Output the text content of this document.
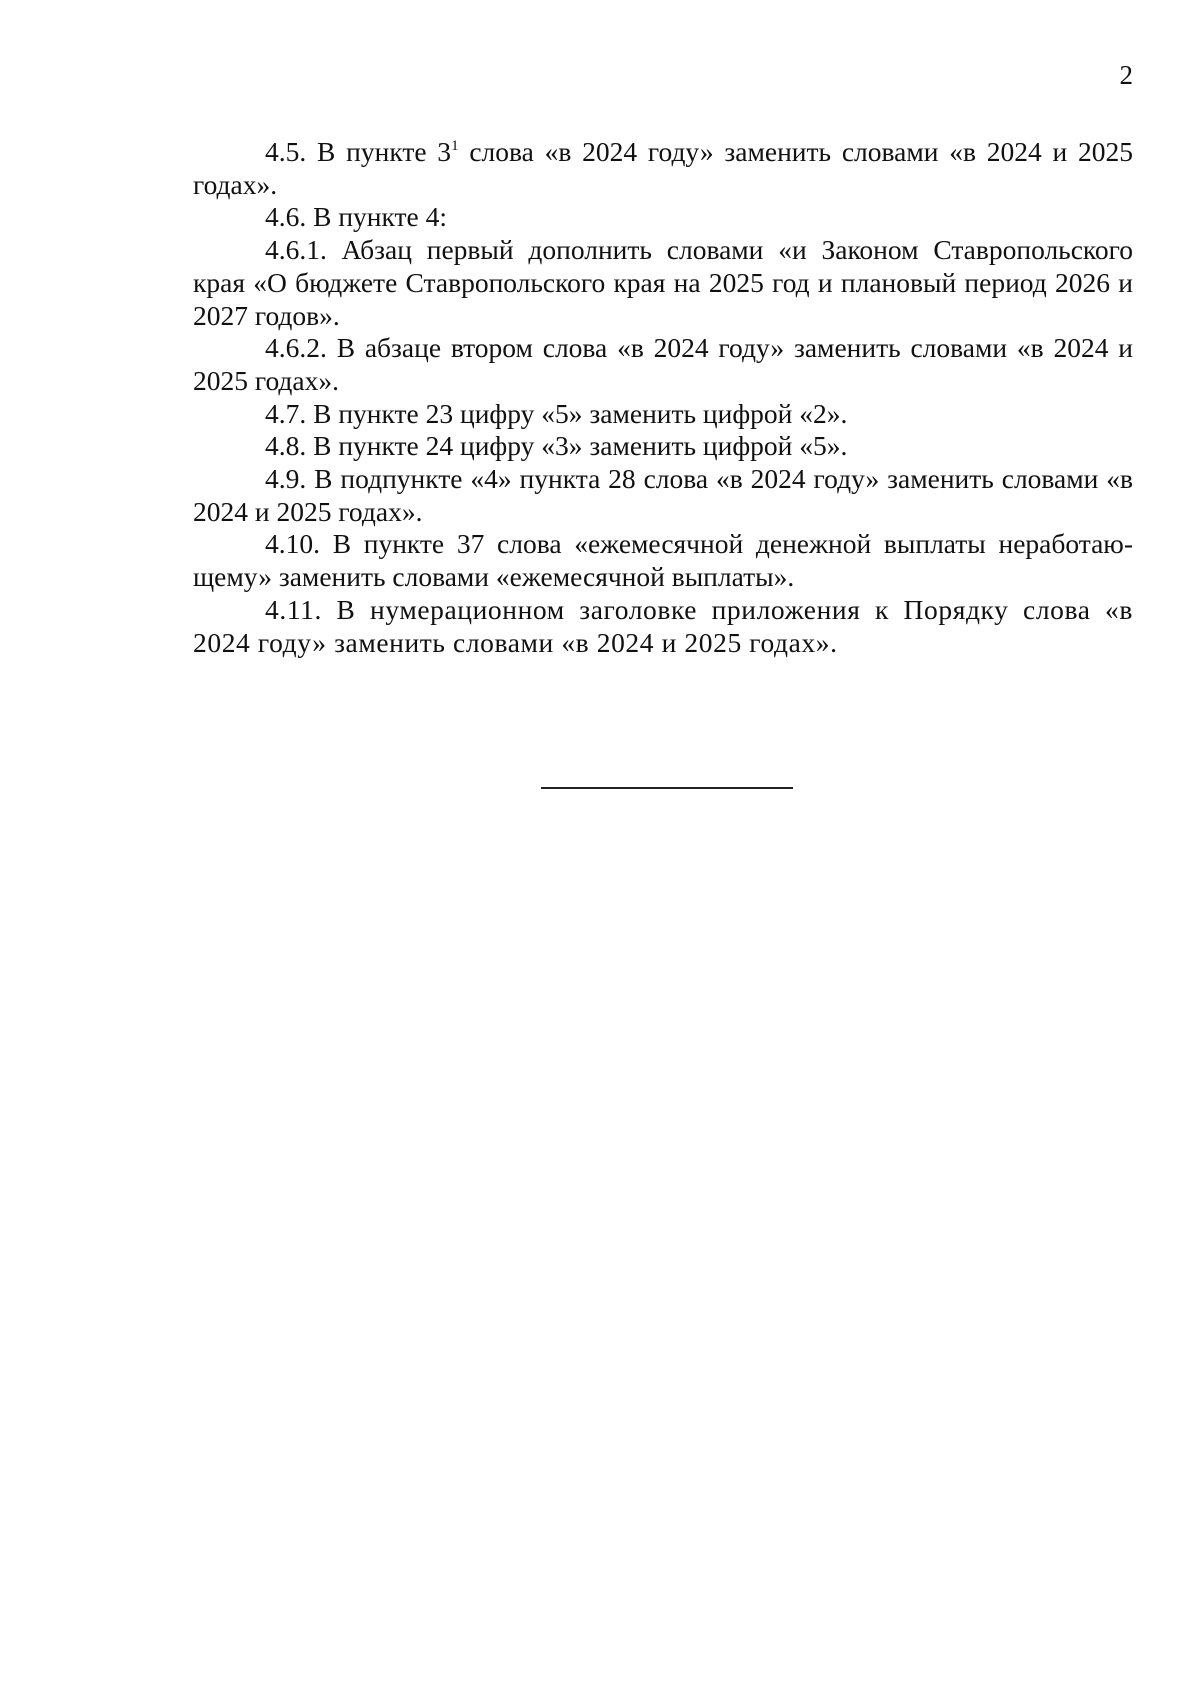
2

4.5. В пункте $3^1$ слова «в 2024 году» заменить словами «в 2024 и 2025 годах».

4.6. В пункте 4:

4.6.1. Абзац первый дополнить словами «и Законом Ставропольского края «О бюджете Ставропольского края на 2025 год и плановый период 2026 и 2027 годов».

4.6.2. В абзаце втором слова «в 2024 году» заменить словами «в 2024 и 2025 годах».

4.7. В пункте 23 цифру «5» заменить цифрой «2».

4.8. В пункте 24 цифру «3» заменить цифрой «5».

4.9. В подпункте «4» пункта 28 слова «в 2024 году» заменить словами «в 2024 и 2025 годах».

4.10. В пункте 37 слова «ежемесячной денежной выплаты неработаю-щему» заменить словами «ежемесячной выплаты».

4.11. В нумерационном заголовке приложения к Порядку слова «в 2024 году» заменить словами «в 2024 и 2025 годах».
